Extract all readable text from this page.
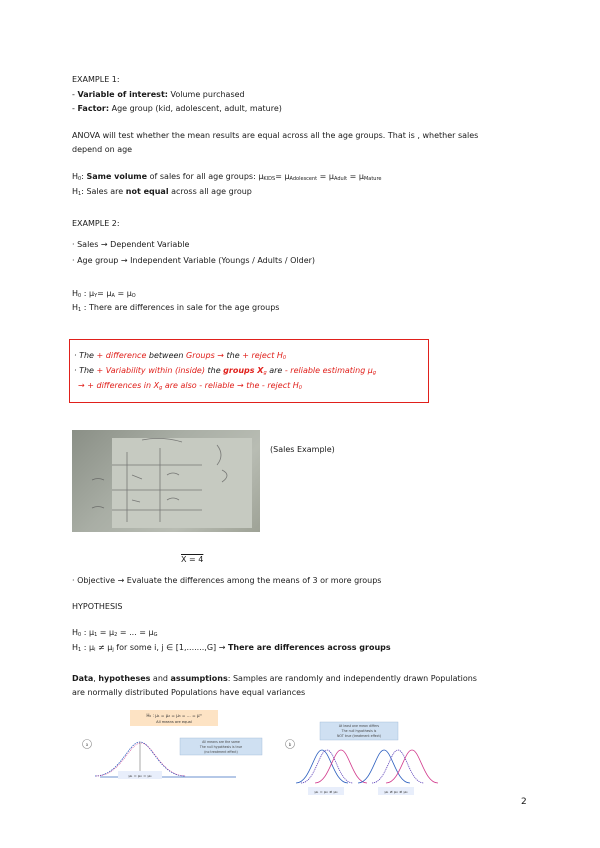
EXAMPLE 1:
- Variable of interest: Volume purchased
- Factor: Age group (kid, adolescent, adult, mature)
ANOVA will test whether the mean results are equal across all the age groups. That is , whether sales
depend on age
$H_0$: Same volume of sales for all age groups: $\mu_{KIDS}= \mu_{Adolescent} = \mu_{Adult} = \mu_{Mature}$
$H_1$: Sales are not equal across all age group
EXAMPLE 2:
· Sales → Dependent Variable
· Age group → Independent Variable (Youngs / Adults / Older)
$H_0$ : $\mu_Y= \mu_A = \mu_O$
$H_1$ : There are differences in sale for the age groups
· The + difference between Groups → the + reject $H_0$
· The + Variability within (inside) the groups $X_g$ are - reliable estimating $\mu_g$
→ + differences in $X_g$ are also - reliable → the - reject $H_0$
(Sales Example)
X = 4
· Objective → Evaluate the differences among the means of 3 or more groups
HYPOTHESIS
$H_0$ : $\mu_1 = \mu_2$ = ... = $\mu_G$
$H_1$ : $\mu_i \ne \mu_j$ for some i, j ∈ [1,.......,G] → There are differences across groups
Data, hypotheses and assumptions: Samples are randomly and independently drawn Populations
are normally distributed Populations have equal variances
H₀ : μ₁ = μ₂ = μ₃ = ... = μᴳ
All means are equal
a	All means are the same
The null hypothesis is true
(no treatment effect)
μ₁ = μ₂ = μ₃
b
At least one mean differs
The null hypothesis is
NOT true (treatment effect)
μ₁ = μ₂ ≠ μ₃	μ₁ ≠ μ₂ ≠ μ₃
2
